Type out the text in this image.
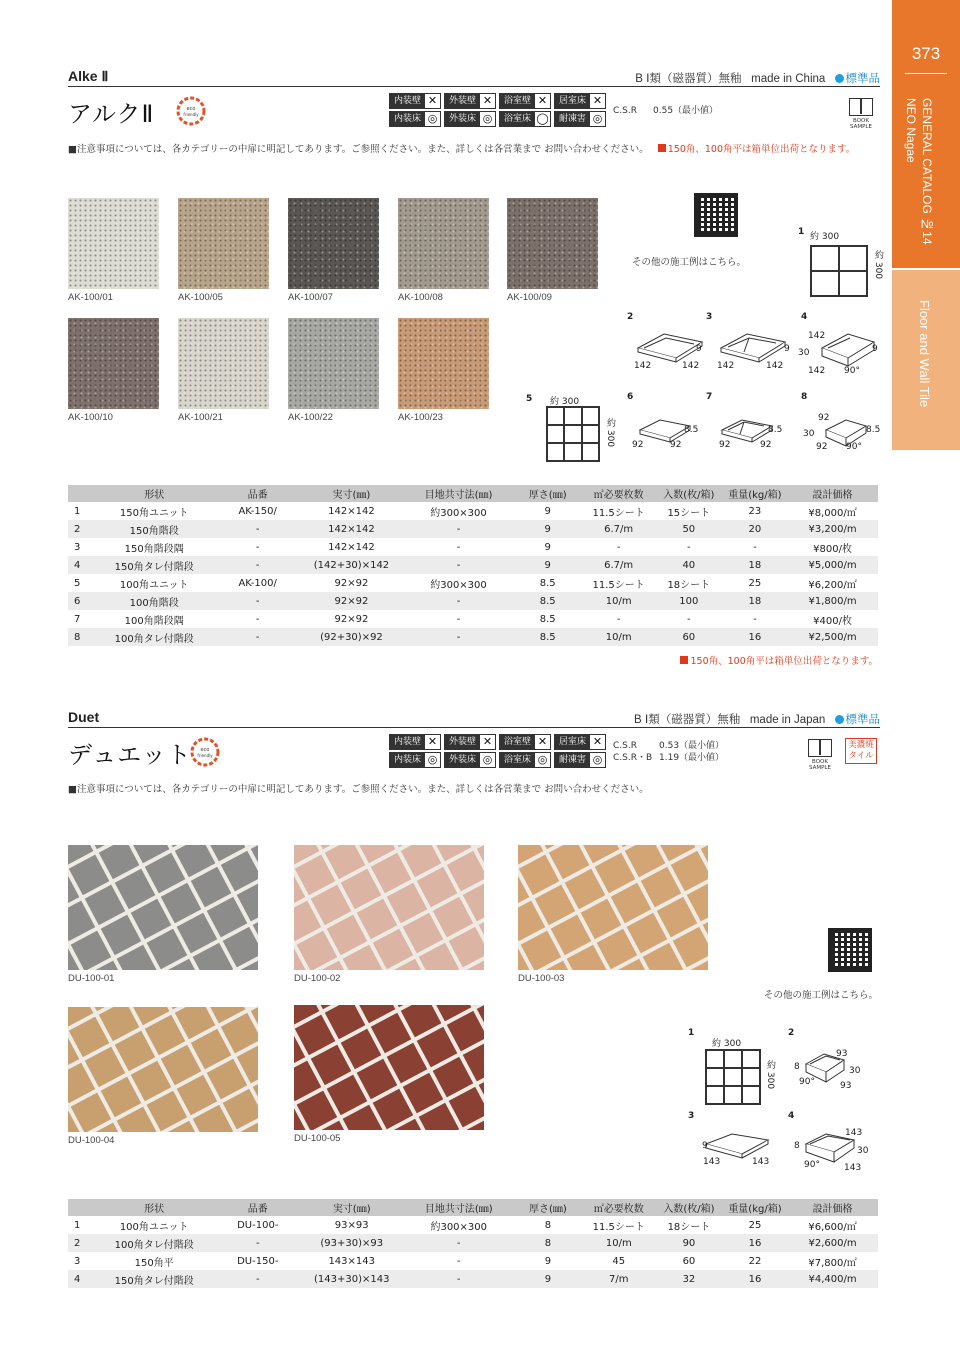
373
NEO Nagae GENERAL CATALOG №14
Floor and Wall Tile
Alke Ⅱ	B Ⅰ類（磁器質）無釉 made in China 標準品
アルクⅡ	eco
friendly
内装壁 ✕	外装壁 ✕	浴室壁 ✕	居室床 ✕
内装床 ◎	外装床 ◎	浴室床 ◯	耐凍害 ◎
C.S.R 0.55（最小値）
BOOK SAMPLE
■注意事項については、各カテゴリーの中扉に明記してあります。ご参照ください。また、詳しくは各営業まで お問い合わせください。 150角、100角平は箱単位出荷となります。
AK-100/01	AK-100/05	AK-100/07	AK-100/08	AK-100/09
AK-100/10	AK-100/21	AK-100/22	AK-100/23
その他の施工例はこちら。
1 約 300
約 300
2
9
142	142
3
9
142	142
4
142
30	9
142 90°
5 約 300
約 300
6
8.5
92	92
7
8.5
92	92
8
92
30	8.5
92 90°
	形状	品番	実寸(㎜)	目地共寸法(㎜)	厚さ(㎜)	㎡必要枚数	入数(枚/箱)	重量(kg/箱)	設計価格
1	150角ユニット	AK-150/	142×142	約300×300	9	11.5シート	15シート	23	¥8,000/㎡
2	150角階段	-	142×142	-	9	6.7/m	50	20	¥3,200/m
3	150角階段隅	-	142×142	-	9	-	-	-	¥800/枚
4	150角タレ付階段	-	(142+30)×142	-	9	6.7/m	40	18	¥5,000/m
5	100角ユニット	AK-100/	92×92	約300×300	8.5	11.5シート	18シート	25	¥6,200/㎡
6	100角階段	-	92×92	-	8.5	10/m	100	18	¥1,800/m
7	100角階段隅	-	92×92	-	8.5	-	-	-	¥400/枚
8	100角タレ付階段	-	(92+30)×92	-	8.5	10/m	60	16	¥2,500/m
150角、100角平は箱単位出荷となります。
Duet	B Ⅰ類（磁器質）無釉 made in Japan 標準品
デュエット eco
friendly
内装壁 ✕	外装壁 ✕	浴室壁 ✕	居室床 ✕
内装床 ◎	外装床 ◎	浴室床 ◎	耐凍害 ◎
C.S.R 0.53（最小値）
C.S.R・B 1.19（最小値）	BOOK SAMPLE
美濃焼
タイル
■注意事項については、各カテゴリーの中扉に明記してあります。ご参照ください。また、詳しくは各営業まで お問い合わせください。
DU-100-01	DU-100-02	DU-100-03
DU-100-04	DU-100-05
その他の施工例はこちら。
1
約 300
約 300
2
93
8	30
90°	93
3
9
143	143
4
143
8	30
90°	143
	形状	品番	実寸(㎜)	目地共寸法(㎜)	厚さ(㎜)	㎡必要枚数	入数(枚/箱)	重量(kg/箱)	設計価格
1	100角ユニット	DU-100-	93×93	約300×300	8	11.5シート	18シート	25	¥6,600/㎡
2	100角タレ付階段	-	(93+30)×93	-	8	10/m	90	16	¥2,600/m
3	150角平	DU-150-	143×143	-	9	45	60	22	¥7,800/㎡
4	150角タレ付階段	-	(143+30)×143	-	9	7/m	32	16	¥4,400/m
